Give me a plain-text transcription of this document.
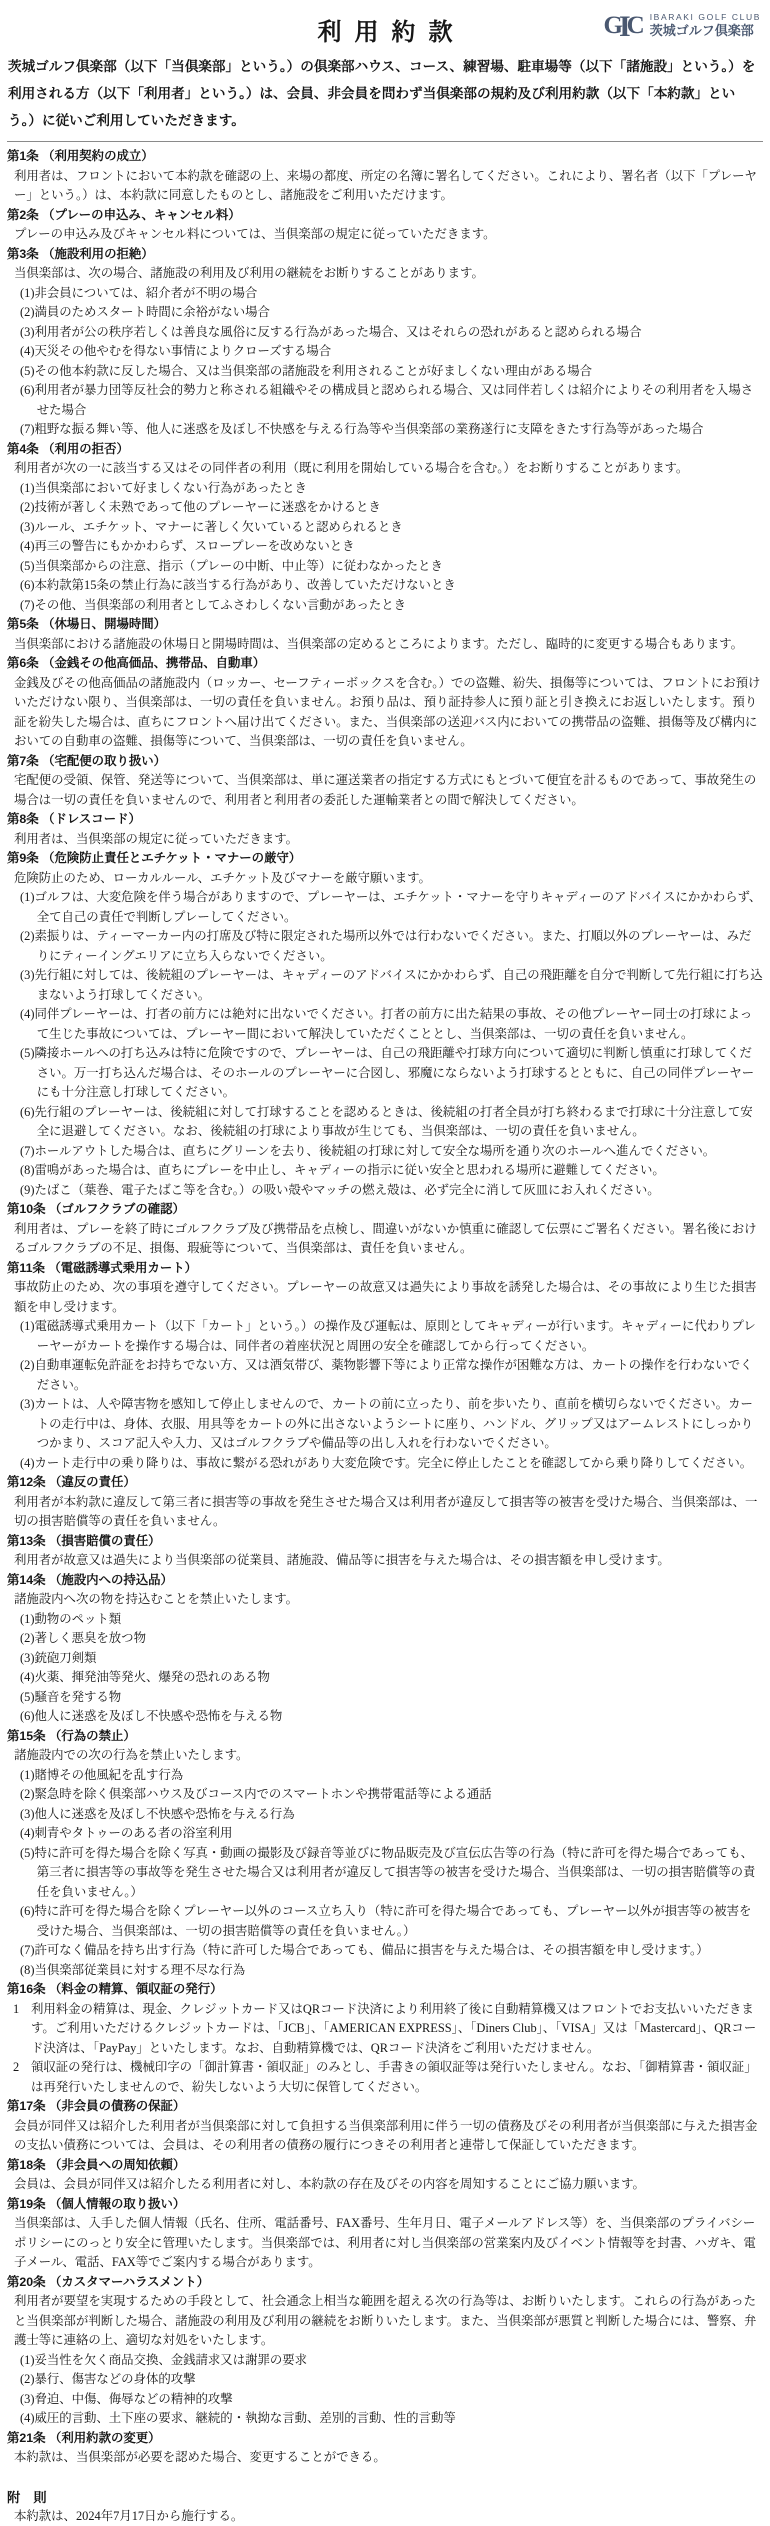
利用約款	G
I
C IBARAKI GOLF CLUB
茨城ゴルフ倶楽部
茨城ゴルフ倶楽部（以下「当倶楽部」という。）の倶楽部ハウス、コース、練習場、駐車場等（以下「諸施設」という。）を利用される方（以下「利用者」という。）は、会員、非会員を問わず当倶楽部の規約及び利用約款（以下「本約款」という。）に従いご利用していただきます。
第1条 （利用契約の成立）
利用者は、フロントにおいて本約款を確認の上、来場の都度、所定の名簿に署名してください。これにより、署名者（以下「プレーヤー」という。）は、本約款に同意したものとし、諸施設をご利用いただけます。
第2条 （プレーの申込み、キャンセル料）
プレーの申込み及びキャンセル料については、当倶楽部の規定に従っていただきます。
第3条 （施設利用の拒絶）
当倶楽部は、次の場合、諸施設の利用及び利用の継続をお断りすることがあります。
(1)非会員については、紹介者が不明の場合
(2)満員のためスタート時間に余裕がない場合
(3)利用者が公の秩序若しくは善良な風俗に反する行為があった場合、又はそれらの恐れがあると認められる場合
(4)天災その他やむを得ない事情によりクローズする場合
(5)その他本約款に反した場合、又は当倶楽部の諸施設を利用されることが好ましくない理由がある場合
(6)利用者が暴力団等反社会的勢力と称される組織やその構成員と認められる場合、又は同伴若しくは紹介によりその利用者を入場させた場合
(7)粗野な振る舞い等、他人に迷惑を及ぼし不快感を与える行為等や当倶楽部の業務遂行に支障をきたす行為等があった場合
第4条 （利用の拒否）
利用者が次の一に該当する又はその同伴者の利用（既に利用を開始している場合を含む。）をお断りすることがあります。
(1)当倶楽部において好ましくない行為があったとき
(2)技術が著しく未熟であって他のプレーヤーに迷惑をかけるとき
(3)ルール、エチケット、マナーに著しく欠いていると認められるとき
(4)再三の警告にもかかわらず、スロープレーを改めないとき
(5)当倶楽部からの注意、指示（プレーの中断、中止等）に従わなかったとき
(6)本約款第15条の禁止行為に該当する行為があり、改善していただけないとき
(7)その他、当倶楽部の利用者としてふさわしくない言動があったとき
第5条 （休場日、開場時間）
当倶楽部における諸施設の休場日と開場時間は、当倶楽部の定めるところによります。ただし、臨時的に変更する場合もあります。
第6条 （金銭その他高価品、携帯品、自動車）
金銭及びその他高価品の諸施設内（ロッカー、セーフティーボックスを含む。）での盗難、紛失、損傷等については、フロントにお預けいただけない限り、当倶楽部は、一切の責任を負いません。お預り品は、預り証持参人に預り証と引き換えにお返しいたします。預り証を紛失した場合は、直ちにフロントへ届け出てください。また、当倶楽部の送迎バス内においての携帯品の盗難、損傷等及び構内においての自動車の盗難、損傷等について、当倶楽部は、一切の責任を負いません。
第7条 （宅配便の取り扱い）
宅配便の受領、保管、発送等について、当倶楽部は、単に運送業者の指定する方式にもとづいて便宜を計るものであって、事故発生の場合は一切の責任を負いませんので、利用者と利用者の委託した運輸業者との間で解決してください。
第8条 （ドレスコード）
利用者は、当倶楽部の規定に従っていただきます。
第9条 （危険防止責任とエチケット・マナーの厳守）
危険防止のため、ローカルルール、エチケット及びマナーを厳守願います。
(1)ゴルフは、大変危険を伴う場合がありますので、プレーヤーは、エチケット・マナーを守りキャディーのアドバイスにかかわらず、全て自己の責任で判断しプレーしてください。
(2)素振りは、ティーマーカー内の打席及び特に限定された場所以外では行わないでください。また、打順以外のプレーヤーは、みだりにティーイングエリアに立ち入らないでください。
(3)先行組に対しては、後続組のプレーヤーは、キャディーのアドバイスにかかわらず、自己の飛距離を自分で判断して先行組に打ち込まないよう打球してください。
(4)同伴プレーヤーは、打者の前方には絶対に出ないでください。打者の前方に出た結果の事故、その他プレーヤー同士の打球によって生じた事故については、プレーヤー間において解決していただくこととし、当倶楽部は、一切の責任を負いません。
(5)隣接ホールへの打ち込みは特に危険ですので、プレーヤーは、自己の飛距離や打球方向について適切に判断し慎重に打球してください。万一打ち込んだ場合は、そのホールのプレーヤーに合図し、邪魔にならないよう打球するとともに、自己の同伴プレーヤーにも十分注意し打球してください。
(6)先行組のプレーヤーは、後続組に対して打球することを認めるときは、後続組の打者全員が打ち終わるまで打球に十分注意して安全に退避してください。なお、後続組の打球により事故が生じても、当倶楽部は、一切の責任を負いません。
(7)ホールアウトした場合は、直ちにグリーンを去り、後続組の打球に対して安全な場所を通り次のホールへ進んでください。
(8)雷鳴があった場合は、直ちにプレーを中止し、キャディーの指示に従い安全と思われる場所に避難してください。
(9)たばこ（葉巻、電子たばこ等を含む。）の吸い殻やマッチの燃え殻は、必ず完全に消して灰皿にお入れください。
第10条 （ゴルフクラブの確認）
利用者は、プレーを終了時にゴルフクラブ及び携帯品を点検し、間違いがないか慎重に確認して伝票にご署名ください。署名後におけるゴルフクラブの不足、損傷、瑕疵等について、当倶楽部は、責任を負いません。
第11条 （電磁誘導式乗用カート）
事故防止のため、次の事項を遵守してください。プレーヤーの故意又は過失により事故を誘発した場合は、その事故により生じた損害額を申し受けます。
(1)電磁誘導式乗用カート（以下「カート」という。）の操作及び運転は、原則としてキャディーが行います。キャディーに代わりプレーヤーがカートを操作する場合は、同伴者の着座状況と周囲の安全を確認してから行ってください。
(2)自動車運転免許証をお持ちでない方、又は酒気帯び、薬物影響下等により正常な操作が困難な方は、カートの操作を行わないでください。
(3)カートは、人や障害物を感知して停止しませんので、カートの前に立ったり、前を歩いたり、直前を横切らないでください。カートの走行中は、身体、衣服、用具等をカートの外に出さないようシートに座り、ハンドル、グリップ又はアームレストにしっかりつかまり、スコア記入や入力、又はゴルフクラブや備品等の出し入れを行わないでください。
(4)カート走行中の乗り降りは、事故に繋がる恐れがあり大変危険です。完全に停止したことを確認してから乗り降りしてください。
第12条 （違反の責任）
利用者が本約款に違反して第三者に損害等の事故を発生させた場合又は利用者が違反して損害等の被害を受けた場合、当倶楽部は、一切の損害賠償等の責任を負いません。
第13条 （損害賠償の責任）
利用者が故意又は過失により当倶楽部の従業員、諸施設、備品等に損害を与えた場合は、その損害額を申し受けます。
第14条 （施設内への持込品）
諸施設内へ次の物を持込むことを禁止いたします。
(1)動物のペット類
(2)著しく悪臭を放つ物
(3)銃砲刀剣類
(4)火薬、揮発油等発火、爆発の恐れのある物
(5)騒音を発する物
(6)他人に迷惑を及ぼし不快感や恐怖を与える物
第15条 （行為の禁止）
諸施設内での次の行為を禁止いたします。
(1)賭博その他風紀を乱す行為
(2)緊急時を除く倶楽部ハウス及びコース内でのスマートホンや携帯電話等による通話
(3)他人に迷惑を及ぼし不快感や恐怖を与える行為
(4)刺青やタトゥーのある者の浴室利用
(5)特に許可を得た場合を除く写真・動画の撮影及び録音等並びに物品販売及び宣伝広告等の行為（特に許可を得た場合であっても、第三者に損害等の事故等を発生させた場合又は利用者が違反して損害等の被害を受けた場合、当倶楽部は、一切の損害賠償等の責任を負いません。）
(6)特に許可を得た場合を除くプレーヤー以外のコース立ち入り（特に許可を得た場合であっても、プレーヤー以外が損害等の被害を受けた場合、当倶楽部は、一切の損害賠償等の責任を負いません。）
(7)許可なく備品を持ち出す行為（特に許可した場合であっても、備品に損害を与えた場合は、その損害額を申し受けます。）
(8)当倶楽部従業員に対する理不尽な行為
第16条 （料金の精算、領収証の発行）
1 利用料金の精算は、現金、クレジットカード又はQRコード決済により利用終了後に自動精算機又はフロントでお支払いいただきます。ご利用いただけるクレジットカードは、「JCB」、「AMERICAN EXPRESS」、「Diners Club」、「VISA」又は「Mastercard」、QRコード決済は、「PayPay」といたします。なお、自動精算機では、QRコード決済をご利用いただけません。
2 領収証の発行は、機械印字の「御計算書・領収証」のみとし、手書きの領収証等は発行いたしません。なお、「御精算書・領収証」は再発行いたしませんので、紛失しないよう大切に保管してください。
第17条 （非会員の債務の保証）
会員が同伴又は紹介した利用者が当倶楽部に対して負担する当倶楽部利用に伴う一切の債務及びその利用者が当倶楽部に与えた損害金の支払い債務については、会員は、その利用者の債務の履行につきその利用者と連帯して保証していただきます。
第18条 （非会員への周知依頼）
会員は、会員が同伴又は紹介したる利用者に対し、本約款の存在及びその内容を周知することにご協力願います。
第19条 （個人情報の取り扱い）
当倶楽部は、入手した個人情報（氏名、住所、電話番号、FAX番号、生年月日、電子メールアドレス等）を、当倶楽部のプライバシーポリシーにのっとり安全に管理いたします。当倶楽部では、利用者に対し当倶楽部の営業案内及びイベント情報等を封書、ハガキ、電子メール、電話、FAX等でご案内する場合があります。
第20条 （カスタマーハラスメント）
利用者が要望を実現するための手段として、社会通念上相当な範囲を超える次の行為等は、お断りいたします。これらの行為があったと当倶楽部が判断した場合、諸施設の利用及び利用の継続をお断りいたします。また、当倶楽部が悪質と判断した場合には、警察、弁護士等に連絡の上、適切な対処をいたします。
(1)妥当性を欠く商品交換、金銭請求又は謝罪の要求
(2)暴行、傷害などの身体的攻撃
(3)脅迫、中傷、侮辱などの精神的攻撃
(4)威圧的言動、土下座の要求、継続的・執拗な言動、差別的言動、性的言動等
第21条 （利用約款の変更）
本約款は、当倶楽部が必要を認めた場合、変更することができる。
附　則
本約款は、2024年7月17日から施行する。
